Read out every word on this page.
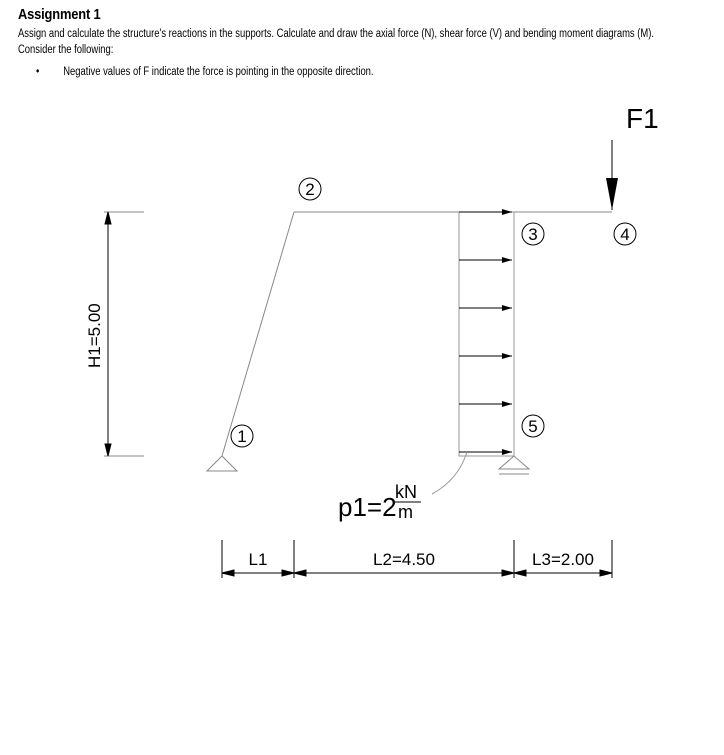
Assignment 1

Assign and calculate the structure's reactions in the supports. Calculate and draw the axial force (N), shear force (V) and bending moment diagrams (M).

Consider the following:

• Negative values of F indicate the force is pointing in the opposite direction.
F1
1
2
3	4
5
H1=5.00
p1=2
kN
m
L1	L2=4.50	L3=2.00
